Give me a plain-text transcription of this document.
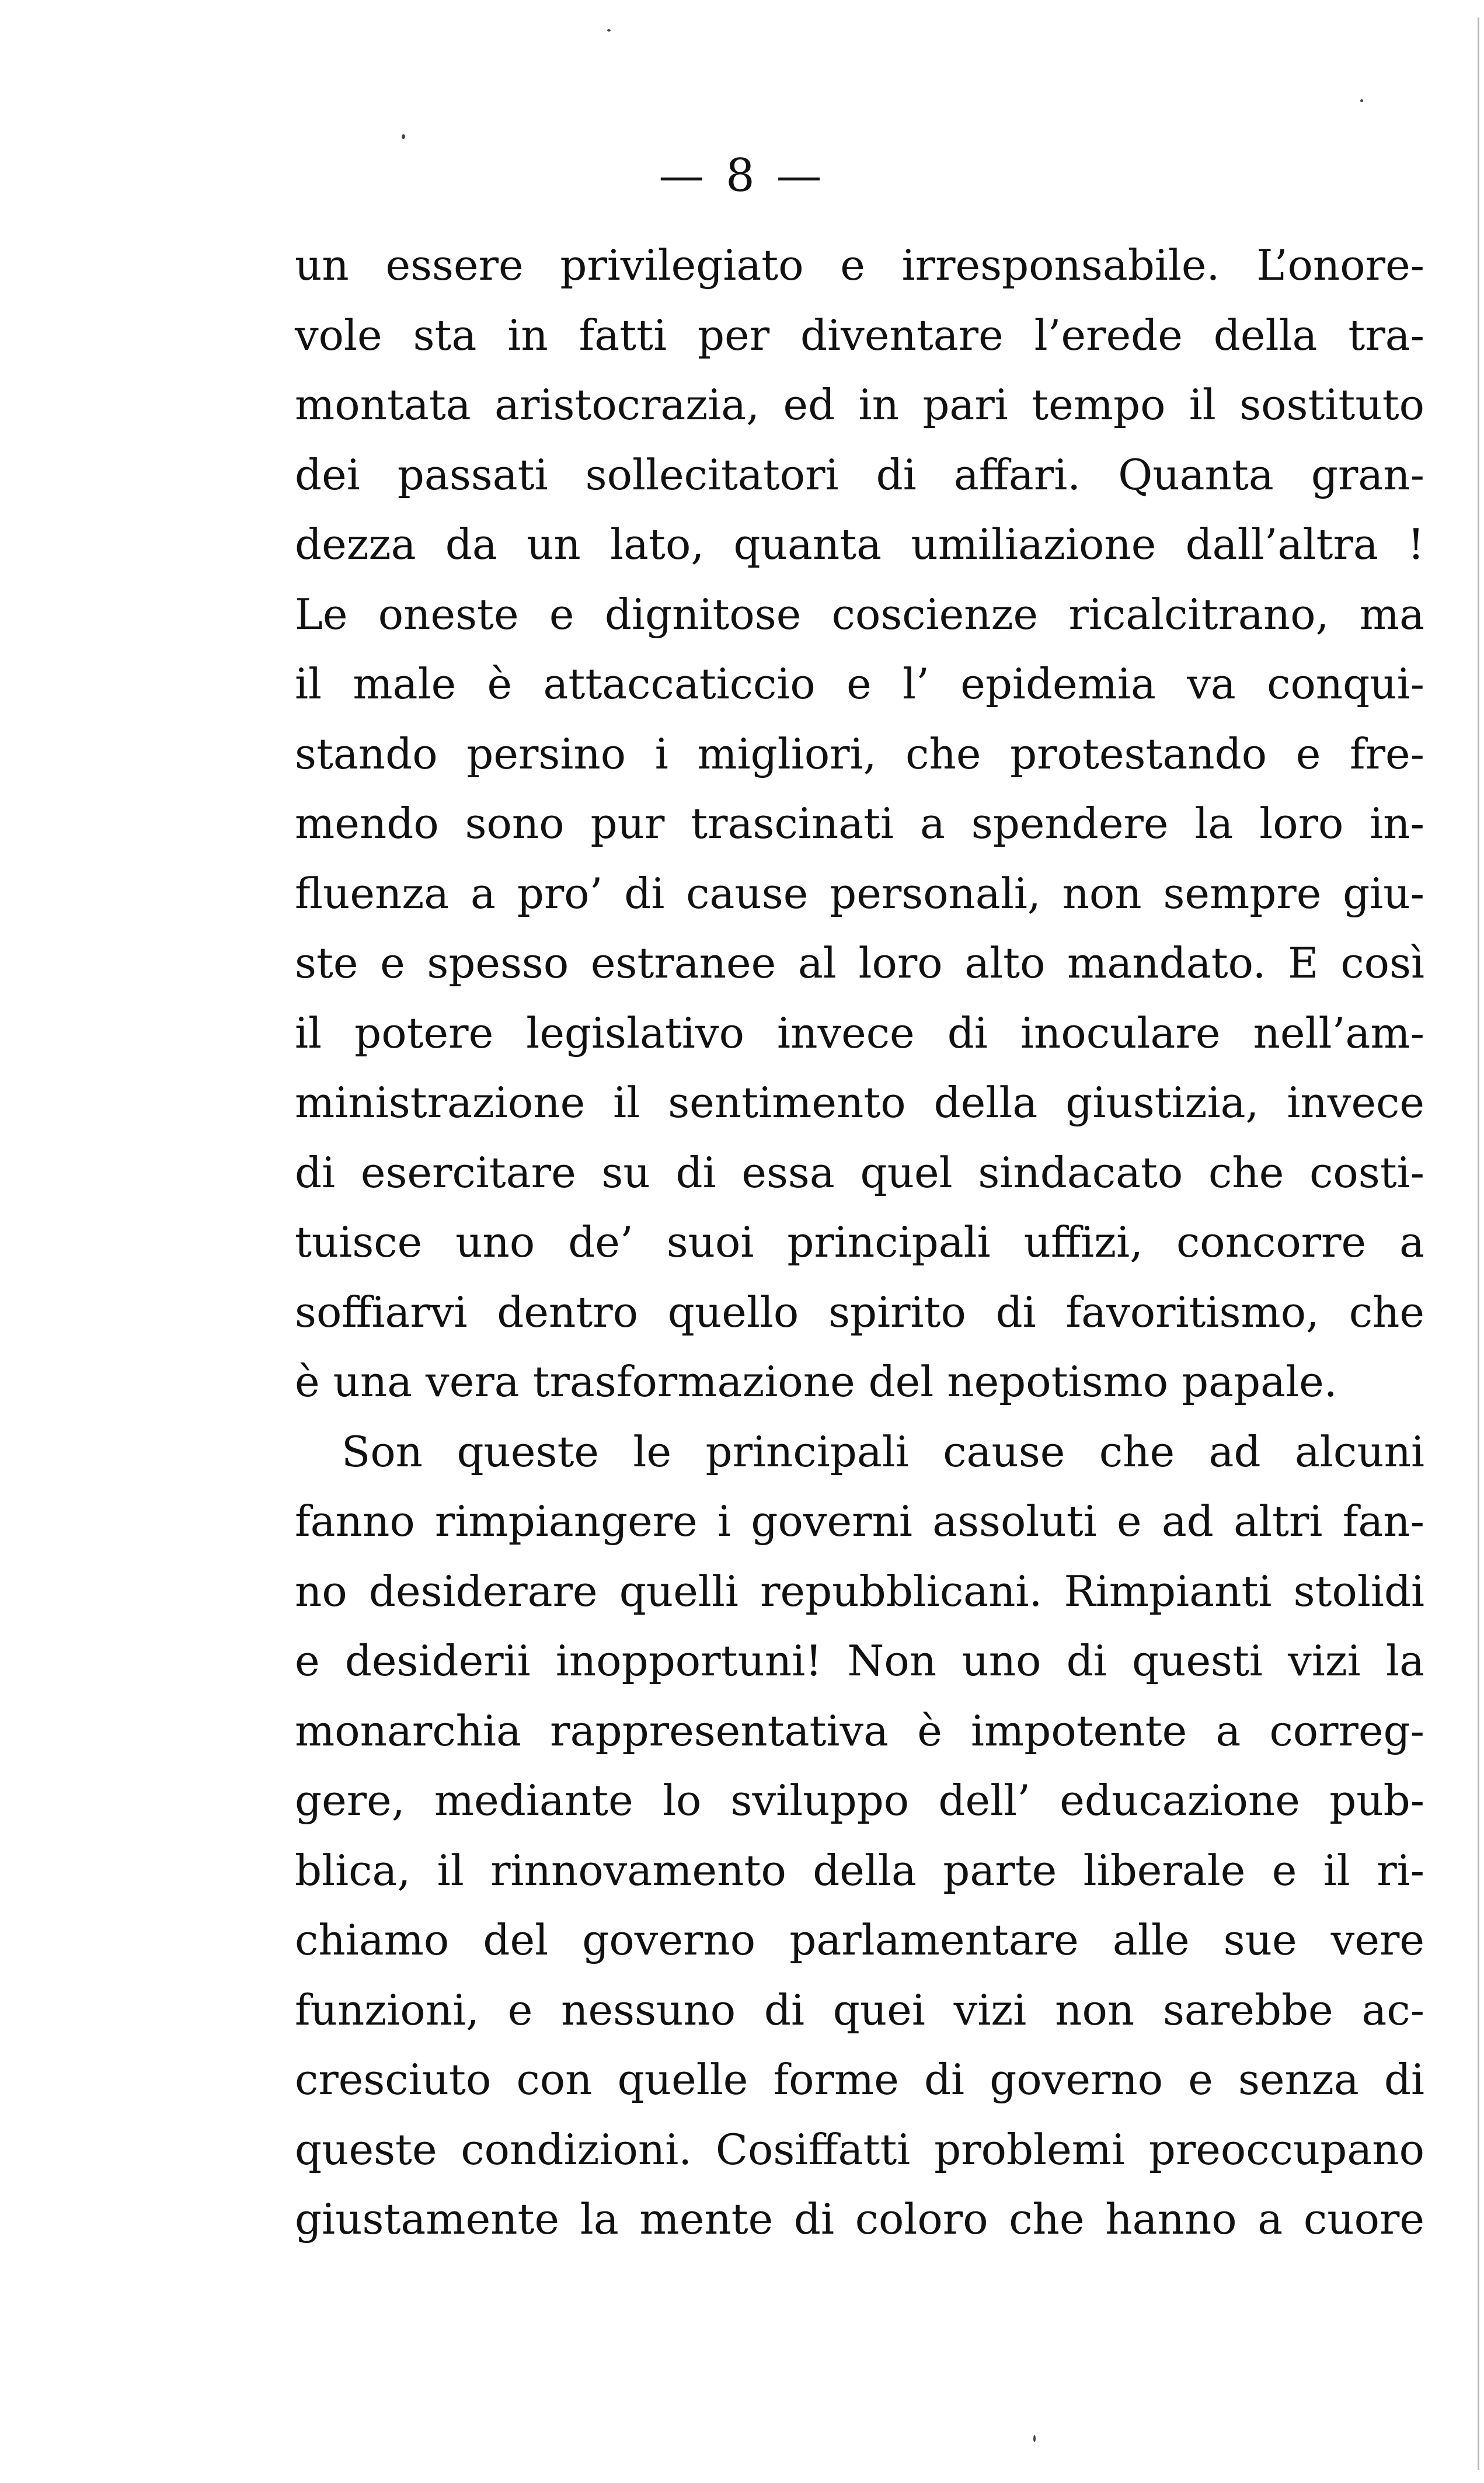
— 8 —
un essere privilegiato e irresponsabile. L’onore-
vole sta in fatti per diventare l’erede della tra-
montata aristocrazia, ed in pari tempo il sostituto
dei passati sollecitatori di affari. Quanta gran-
dezza da un lato, quanta umiliazione dall’altra !
Le oneste e dignitose coscienze ricalcitrano, ma
il male è attaccaticcio e l’ epidemia va conqui-
stando persino i migliori, che protestando e fre-
mendo sono pur trascinati a spendere la loro in-
fluenza a pro’ di cause personali, non sempre giu-
ste e spesso estranee al loro alto mandato. E così
il potere legislativo invece di inoculare nell’am-
ministrazione il sentimento della giustizia, invece
di esercitare su di essa quel sindacato che costi-
tuisce uno de’ suoi principali uffizi, concorre a
soffiarvi dentro quello spirito di favoritismo, che
è una vera trasformazione del nepotismo papale.
Son queste le principali cause che ad alcuni
fanno rimpiangere i governi assoluti e ad altri fan-
no desiderare quelli repubblicani. Rimpianti stolidi
e desiderii inopportuni! Non uno di questi vizi la
monarchia rappresentativa è impotente a correg-
gere, mediante lo sviluppo dell’ educazione pub-
blica, il rinnovamento della parte liberale e il ri-
chiamo del governo parlamentare alle sue vere
funzioni, e nessuno di quei vizi non sarebbe ac-
cresciuto con quelle forme di governo e senza di
queste condizioni. Cosiffatti problemi preoccupano
giustamente la mente di coloro che hanno a cuore
